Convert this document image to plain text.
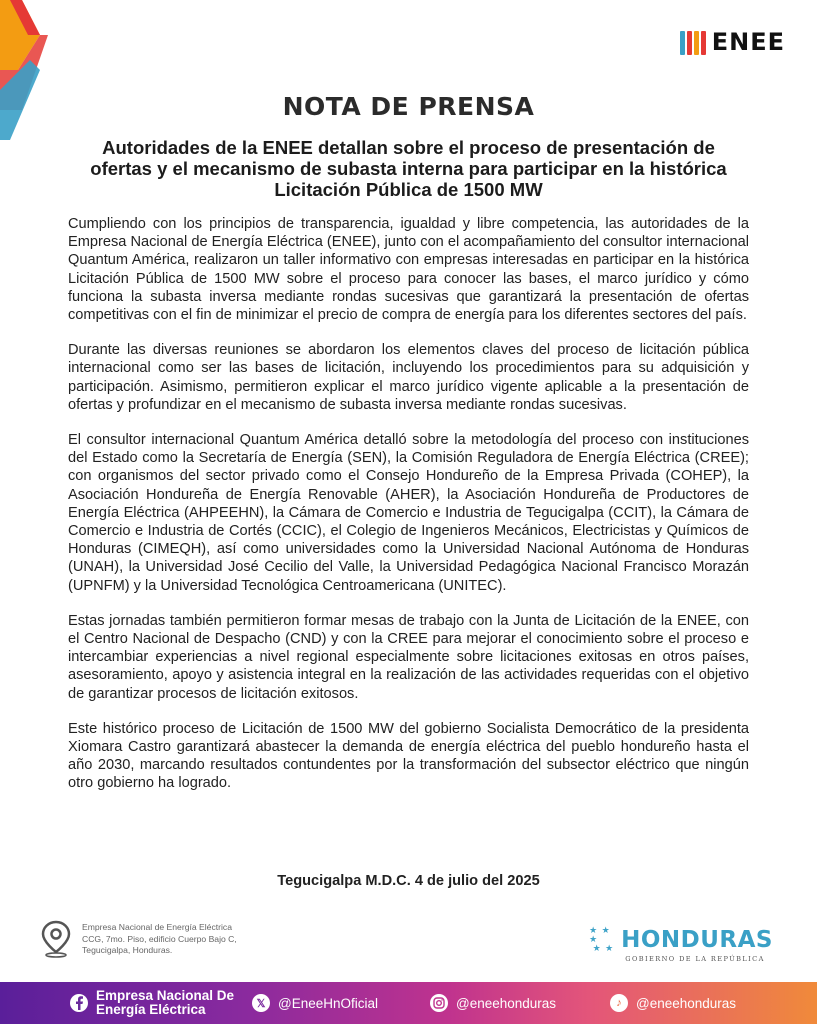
ENEE
NOTA DE PRENSA
Autoridades de la ENEE detallan sobre el proceso de presentación de ofertas y el mecanismo de subasta interna para participar en la histórica Licitación Pública de 1500 MW

Cumpliendo con los principios de transparencia, igualdad y libre competencia, las autoridades de la Empresa Nacional de Energía Eléctrica (ENEE), junto con el acompañamiento del consultor internacional Quantum América, realizaron un taller informativo con empresas interesadas en participar en la histórica Licitación Pública de 1500 MW sobre el proceso para conocer las bases, el marco jurídico y cómo funciona la subasta inversa mediante rondas sucesivas que garantizará la presentación de ofertas competitivas con el fin de minimizar el precio de compra de energía para los diferentes sectores del país.

Durante las diversas reuniones se abordaron los elementos claves del proceso de licitación pública internacional como ser las bases de licitación, incluyendo los procedimientos para su adquisición y participación. Asimismo, permitieron explicar el marco jurídico vigente aplicable a la presentación de ofertas y profundizar en el mecanismo de subasta inversa mediante rondas sucesivas.

El consultor internacional Quantum América detalló sobre la metodología del proceso con instituciones del Estado como la Secretaría de Energía (SEN), la Comisión Reguladora de Energía Eléctrica (CREE); con organismos del sector privado como el Consejo Hondureño de la Empresa Privada (COHEP), la Asociación Hondureña de Energía Renovable (AHER), la Asociación Hondureña de Productores de Energía Eléctrica (AHPEEHN), la Cámara de Comercio e Industria de Tegucigalpa (CCIT), la Cámara de Comercio e Industria de Cortés (CCIC), el Colegio de Ingenieros Mecánicos, Electricistas y Químicos de Honduras (CIMEQH), así como universidades como la Universidad Nacional Autónoma de Honduras (UNAH), la Universidad José Cecilio del Valle, la Universidad Pedagógica Nacional Francisco Morazán (UPNFM) y la Universidad Tecnológica Centroamericana (UNITEC).

Estas jornadas también permitieron formar mesas de trabajo con la Junta de Licitación de la ENEE, con el Centro Nacional de Despacho (CND) y con la CREE para mejorar el conocimiento sobre el proceso e intercambiar experiencias a nivel regional especialmente sobre licitaciones exitosas en otros países, asesoramiento, apoyo y asistencia integral en la realización de las actividades requeridas con el objetivo de garantizar procesos de licitación exitosos.

Este histórico proceso de Licitación de 1500 MW del gobierno Socialista Democrático de la presidenta Xiomara Castro garantizará abastecer la demanda de energía eléctrica del pueblo hondureño hasta el año 2030, marcando resultados contundentes por la transformación del subsector eléctrico que ningún otro gobierno ha logrado.

Tegucigalpa M.D.C. 4 de julio del 2025
Empresa Nacional de Energía Eléctrica
CCG, 7mo. Piso, edificio Cuerpo Bajo C,
Tegucigalpa, Honduras.
★ ★ ★
★ ★ HONDURAS
GOBIERNO DE LA REPÚBLICA
Empresa Nacional De
Energía Eléctrica	𝕏 @EneeHnOficial	@eneehonduras	♪	@eneehonduras
